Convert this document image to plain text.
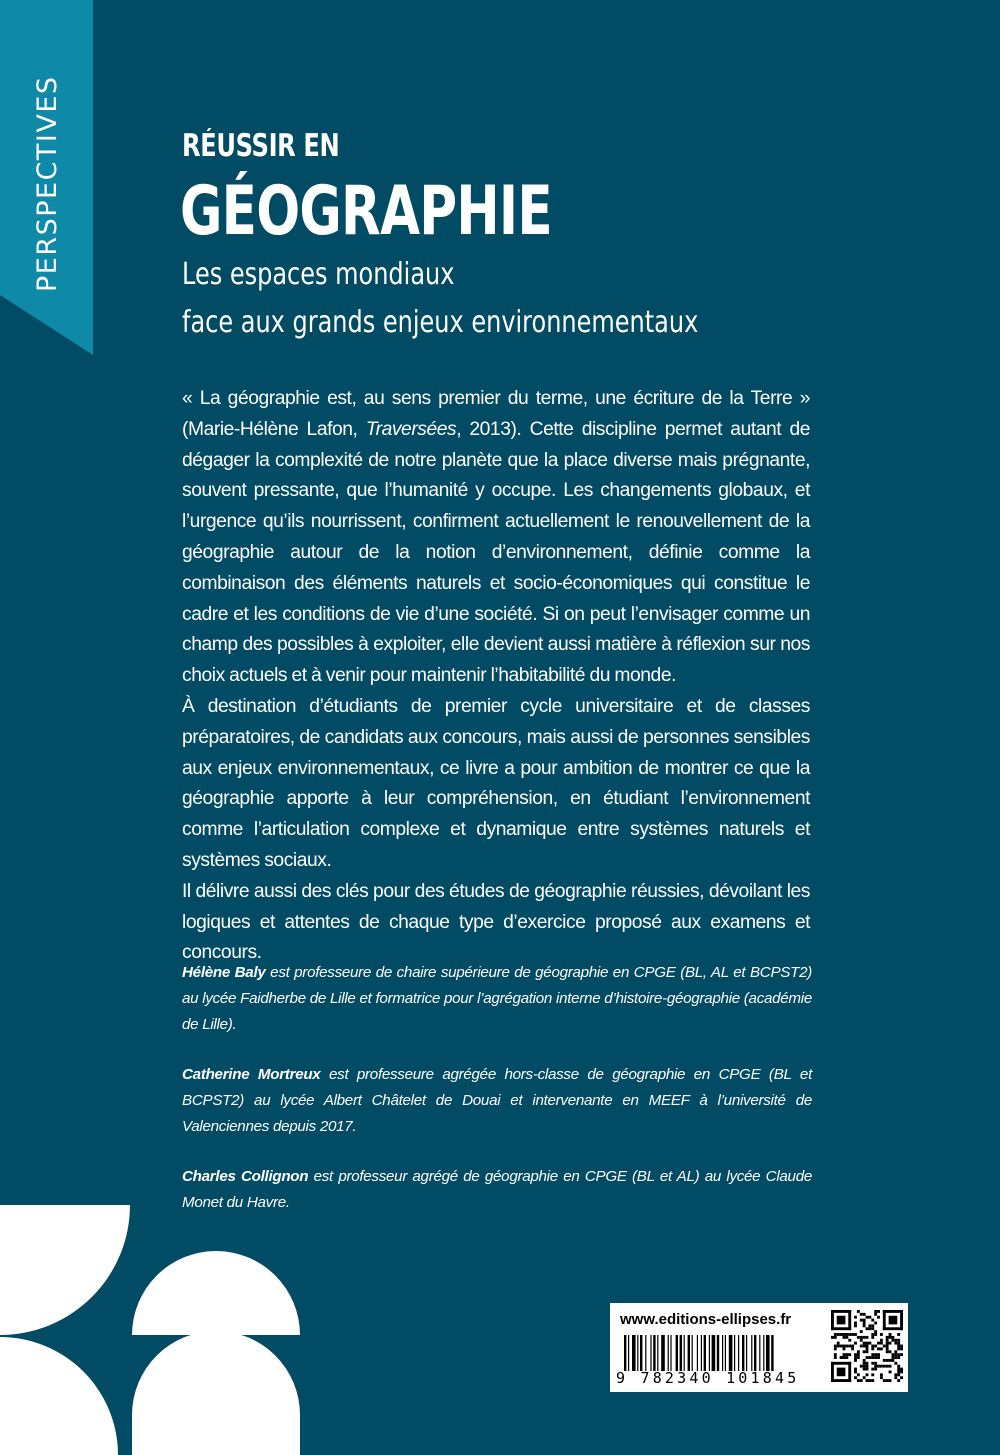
PERSPECTIVES	RÉUSSIR EN
GÉOGRAPHIE
Les espaces mondiaux
face aux grands enjeux environnementaux

« La géographie est, au sens premier du terme, une écriture de la Terre » (Marie-Hélène Lafon, Traversées, 2013). Cette discipline permet autant de dégager la complexité de notre planète que la place diverse mais prégnante, souvent pressante, que l’humanité y occupe. Les changements globaux, et l’urgence qu’ils nourrissent, confirment actuellement le renouvellement de la géographie autour de la notion d’environnement, définie comme la combinaison des éléments naturels et socio-économiques qui constitue le cadre et les conditions de vie d’une société. Si on peut l’envisager comme un champ des possibles à exploiter, elle devient aussi matière à réflexion sur nos choix actuels et à venir pour maintenir l’habitabilité du monde.

À destination d’étudiants de premier cycle universitaire et de classes préparatoires, de candidats aux concours, mais aussi de personnes sensibles aux enjeux environnementaux, ce livre a pour ambition de montrer ce que la géographie apporte à leur compréhension, en étudiant l’environnement comme l’articulation complexe et dynamique entre systèmes naturels et systèmes sociaux.

Il délivre aussi des clés pour des études de géographie réussies, dévoilant les logiques et attentes de chaque type d’exercice proposé aux examens et concours.

Hélène Baly est professeure de chaire supérieure de géographie en CPGE (BL, AL et BCPST2) au lycée Faidherbe de Lille et formatrice pour l’agrégation interne d’histoire-géographie (académie de Lille).

Catherine Mortreux est professeure agrégée hors-classe de géographie en CPGE (BL et BCPST2) au lycée Albert Châtelet de Douai et intervenante en MEEF à l’université de Valenciennes depuis 2017.

Charles Collignon est professeur agrégé de géographie en CPGE (BL et AL) au lycée Claude Monet du Havre.

www.editions-ellipses.fr
9 782340 101845
